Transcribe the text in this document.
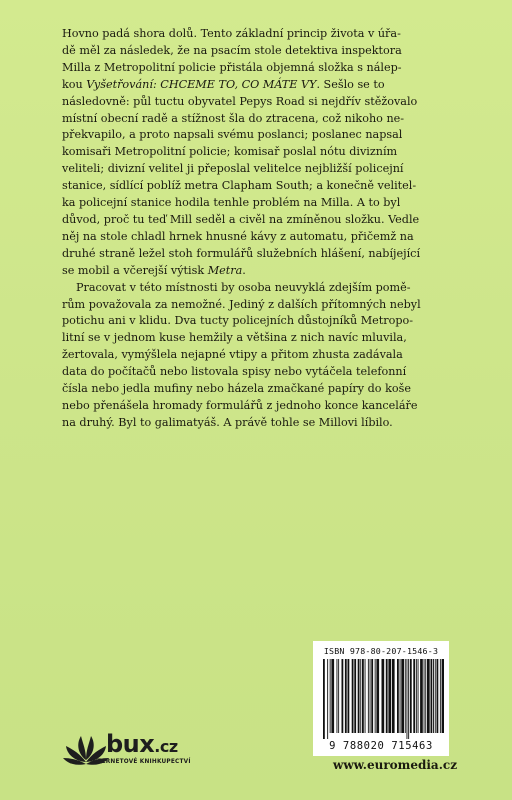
Hovno padá shora dolů. Tento základní princip života v úřa-
dě měl za následek, že na psacím stole detektiva inspektora
Milla z Metropolitní policie přistála objemná složka s nálep-
kou Vyšetřování: CHCEME TO, CO MÁTE VY. Sešlo se to
následovně: půl tuctu obyvatel Pepys Road si nejdřív stěžovalo
místní obecní radě a stížnost šla do ztracena, což nikoho ne-
překvapilo, a proto napsali svému poslanci; poslanec napsal
komisaři Metropolitní policie; komisař poslal nótu divizním
veliteli; divizní velitel ji přeposlal velitelce nejbližší policejní
stanice, sídlící poblíž metra Clapham South; a konečně velitel-
ka policejní stanice hodila tenhle problém na Milla. A to byl
důvod, proč tu teď Mill seděl a civěl na zmíněnou složku. Vedle
něj na stole chladl hrnek hnusné kávy z automatu, přičemž na
druhé straně ležel stoh formulářů služebních hlášení, nabíjející
se mobil a včerejší výtisk Metra.

Pracovat v této místnosti by osoba neuvyklá zdejším pomě-
rům považovala za nemožné. Jediný z dalších přítomných nebyl
potichu ani v klidu. Dva tucty policejních důstojníků Metropo-
litní se v jednom kuse hemžily a většina z nich navíc mluvila,
žertovala, vymýšlela nejapné vtipy a přitom zhusta zadávala
data do počítačů nebo listovala spisy nebo vytáčela telefonní
čísla nebo jedla mufiny nebo házela zmačkané papíry do koše
nebo přenášela hromady formulářů z jednoho konce kanceláře
na druhý. Byl to galimatyáš. A právě tohle se Millovi líbilo.

ISBN 978-80-207-1546-3
9 788020 715463
bux.cz
INTERNETOVÉ KNIHKUPECTVÍ	www.euromedia.cz
